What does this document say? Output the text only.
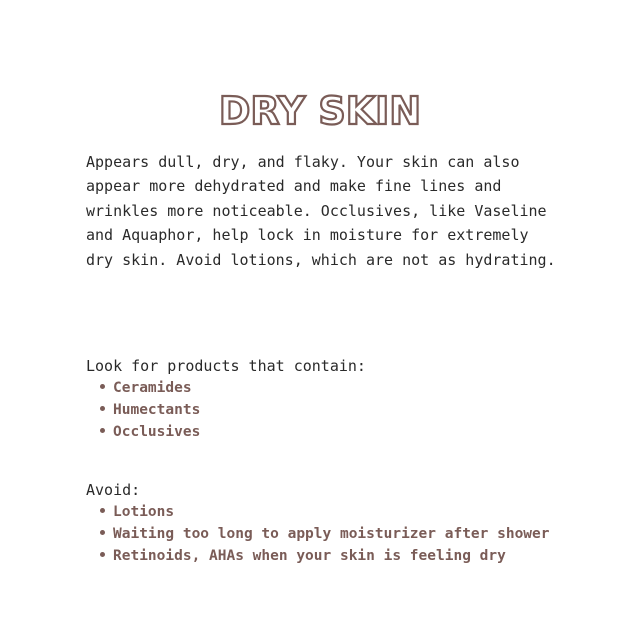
DRY SKIN

Appears dull, dry, and flaky. Your skin can also appear more dehydrated and make fine lines and wrinkles more noticeable. Occlusives, like Vaseline and Aquaphor, help lock in moisture for extremely dry skin. Avoid lotions, which are not as hydrating.

Look for products that contain:

Ceramides
Humectants
Occlusives

Avoid:

Lotions
Waiting too long to apply moisturizer after shower
Retinoids, AHAs when your skin is feeling dry
